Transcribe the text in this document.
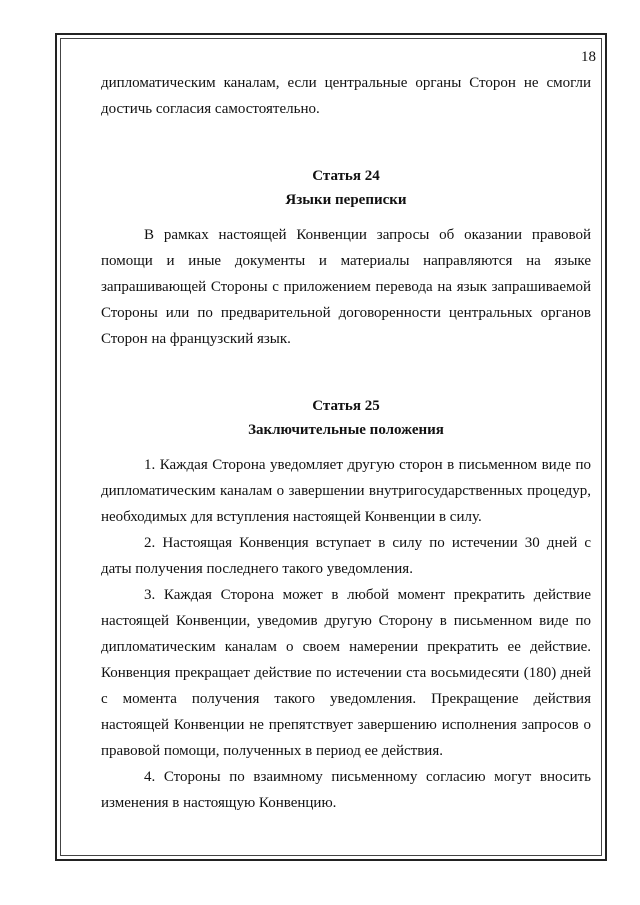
18

дипломатическим каналам, если центральные органы Сторон не смогли достичь согласия самостоятельно.

Статья 24

Языки переписки

В рамках настоящей Конвенции запросы об оказании правовой помощи и иные документы и материалы направляются на языке запрашивающей Стороны с приложением перевода на язык запрашиваемой Стороны или по предварительной договоренности центральных органов Сторон на французский язык.

Статья 25

Заключительные положения

1. Каждая Сторона уведомляет другую сторон в письменном виде по дипломатическим каналам о завершении внутригосударственных процедур, необходимых для вступления настоящей Конвенции в силу.

2. Настоящая Конвенция вступает в силу по истечении 30 дней с даты получения последнего такого уведомления.

3. Каждая Сторона может в любой момент прекратить действие настоящей Конвенции, уведомив другую Сторону в письменном виде по дипломатическим каналам о своем намерении прекратить ее действие. Конвенция прекращает действие по истечении ста восьмидесяти (180) дней с момента получения такого уведомления. Прекращение действия настоящей Конвенции не препятствует завершению исполнения запросов о правовой помощи, полученных в период ее действия.

4. Стороны по взаимному письменному согласию могут вносить изменения в настоящую Конвенцию.
